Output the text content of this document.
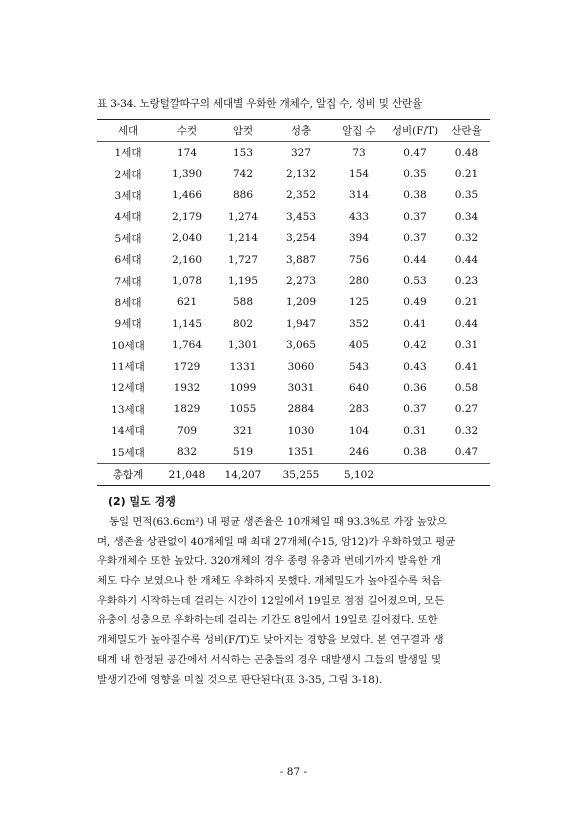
표 3-34. 노랑털깔따구의 세대별 우화한 개체수, 알집 수, 성비 및 산란율
세대	수컷	암컷	성충	알집 수	성비(F/T)	산란율
1세대	174	153	327	73	0.47	0.48
2세대	1,390	742	2,132	154	0.35	0.21
3세대	1,466	886	2,352	314	0.38	0.35
4세대	2,179	1,274	3,453	433	0.37	0.34
5세대	2,040	1,214	3,254	394	0.37	0.32
6세대	2,160	1,727	3,887	756	0.44	0.44
7세대	1,078	1,195	2,273	280	0.53	0.23
8세대	621	588	1,209	125	0.49	0.21
9세대	1,145	802	1,947	352	0.41	0.44
10세대	1,764	1,301	3,065	405	0.42	0.31
11세대	1729	1331	3060	543	0.43	0.41
12세대	1932	1099	3031	640	0.36	0.58
13세대	1829	1055	2884	283	0.37	0.27
14세대	709	321	1030	104	0.31	0.32
15세대	832	519	1351	246	0.38	0.47
총합계	21,048	14,207	35,255	5,102		
(2) 밀도 경쟁
동일 면적(63.6cm²) 내 평균 생존율은 10개체일 때 93.3%로 가장 높았으
며, 생존율 상관없이 40개체일 때 최대 27개체(수15, 암12)가 우화하였고 평균
우화개체수 또한 높았다. 320개체의 경우 종령 유충과 번데기까지 발육한 개
체도 다수 보였으나 한 개체도 우화하지 못했다. 개체밀도가 높아질수록 처음
우화하기 시작하는데 걸리는 시간이 12일에서 19일로 점점 길어졌으며, 모든
유충이 성충으로 우화하는데 걸리는 기간도 8일에서 19일로 길어졌다. 또한
개체밀도가 높아질수록 성비(F/T)도 낮아지는 경향을 보였다. 본 연구결과 생
태계 내 한정된 공간에서 서식하는 곤충들의 경우 대발생시 그들의 발생일 및
발생기간에 영향을 미칠 것으로 판단된다(표 3-35, 그림 3-18).
- 87 -
